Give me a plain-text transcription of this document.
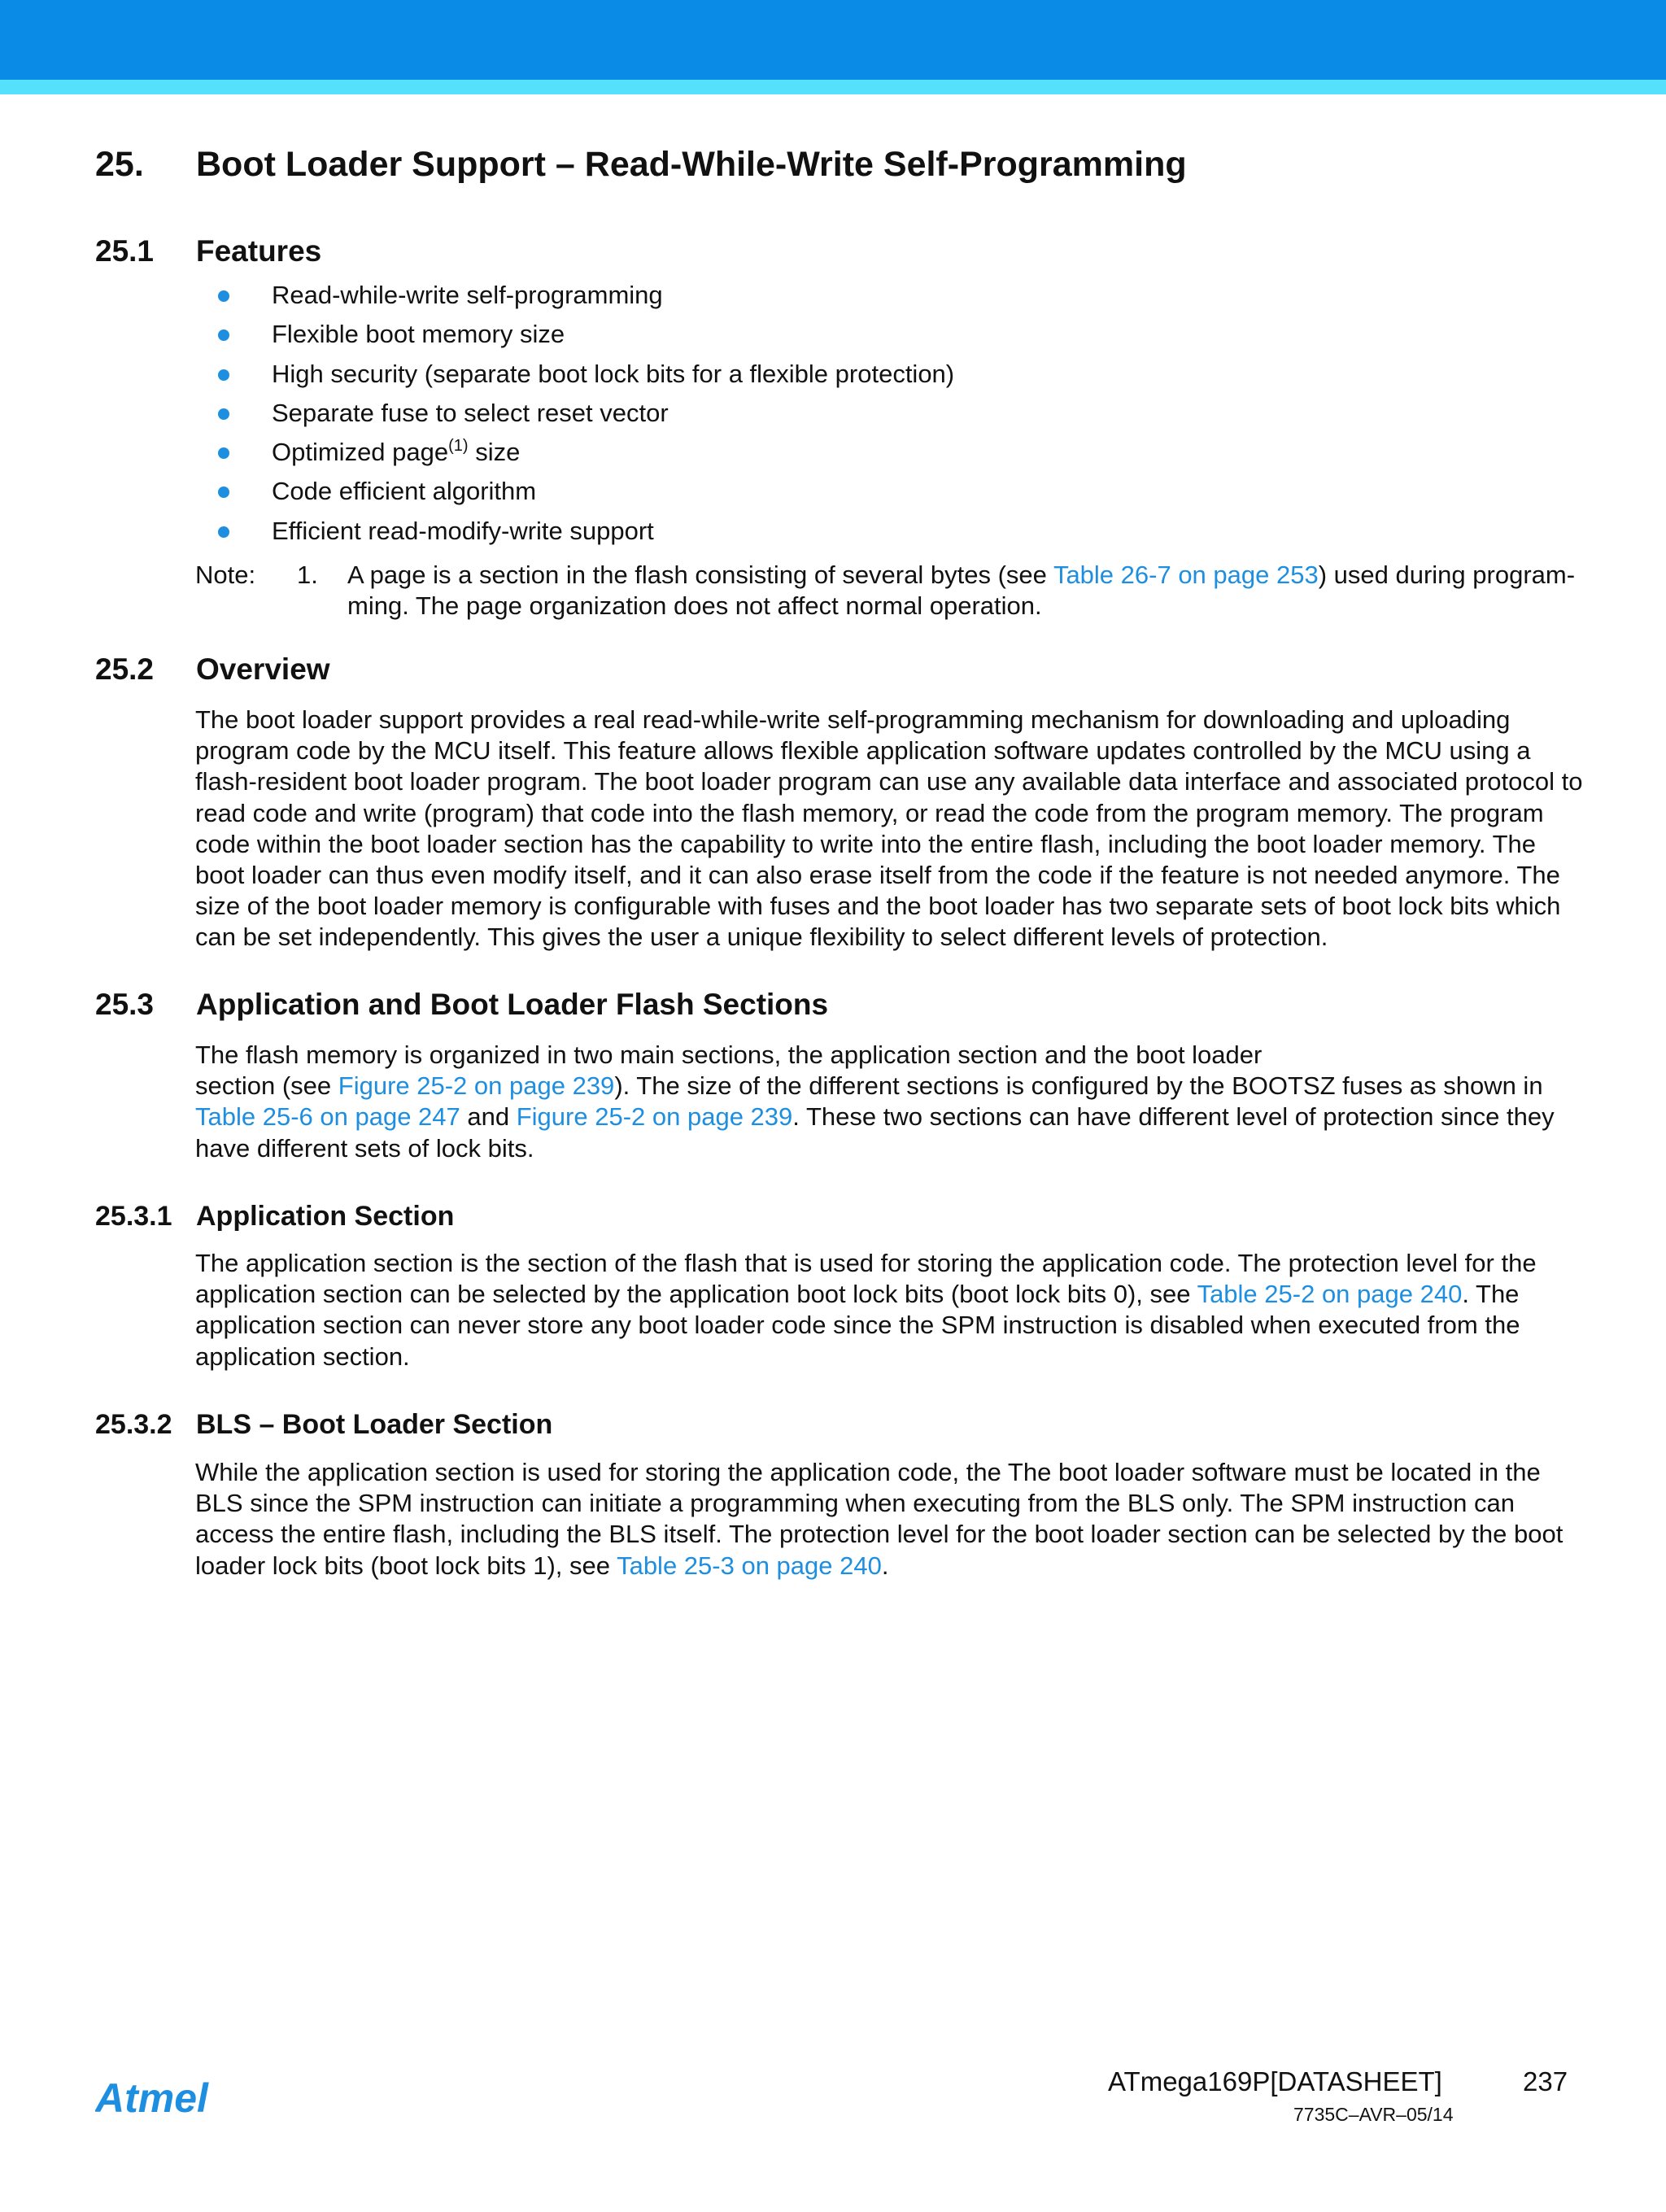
25. Boot Loader Support – Read-While-Write Self-Programming
25.1 Features
Read-while-write self-programming
Flexible boot memory size
High security (separate boot lock bits for a flexible protection)
Separate fuse to select reset vector
Optimized page$^{(1)}$ size
Code efficient algorithm
Efficient read-modify-write support
Note: 1. A page is a section in the flash consisting of several bytes (see Table 26-7 on page 253) used during program-
ming. The page organization does not affect normal operation.
25.2 Overview

The boot loader support provides a real read-while-write self-programming mechanism for downloading and uploading
program code by the MCU itself. This feature allows flexible application software updates controlled by the MCU using a
flash-resident boot loader program. The boot loader program can use any available data interface and associated protocol to
read code and write (program) that code into the flash memory, or read the code from the program memory. The program
code within the boot loader section has the capability to write into the entire flash, including the boot loader memory. The
boot loader can thus even modify itself, and it can also erase itself from the code if the feature is not needed anymore. The
size of the boot loader memory is configurable with fuses and the boot loader has two separate sets of boot lock bits which
can be set independently. This gives the user a unique flexibility to select different levels of protection.

25.3 Application and Boot Loader Flash Sections

The flash memory is organized in two main sections, the application section and the boot loader
section (see Figure 25-2 on page 239). The size of the different sections is configured by the BOOTSZ fuses as shown in
Table 25-6 on page 247 and Figure 25-2 on page 239. These two sections can have different level of protection since they
have different sets of lock bits.

25.3.1 Application Section

The application section is the section of the flash that is used for storing the application code. The protection level for the
application section can be selected by the application boot lock bits (boot lock bits 0), see Table 25-2 on page 240. The
application section can never store any boot loader code since the SPM instruction is disabled when executed from the
application section.

25.3.2 BLS – Boot Loader Section

While the application section is used for storing the application code, the The boot loader software must be located in the
BLS since the SPM instruction can initiate a programming when executing from the BLS only. The SPM instruction can
access the entire flash, including the BLS itself. The protection level for the boot loader section can be selected by the boot
loader lock bits (boot lock bits 1), see Table 25-3 on page 240.

Atmel	ATmega169P[DATASHEET]	237
7735C–AVR–05/14
